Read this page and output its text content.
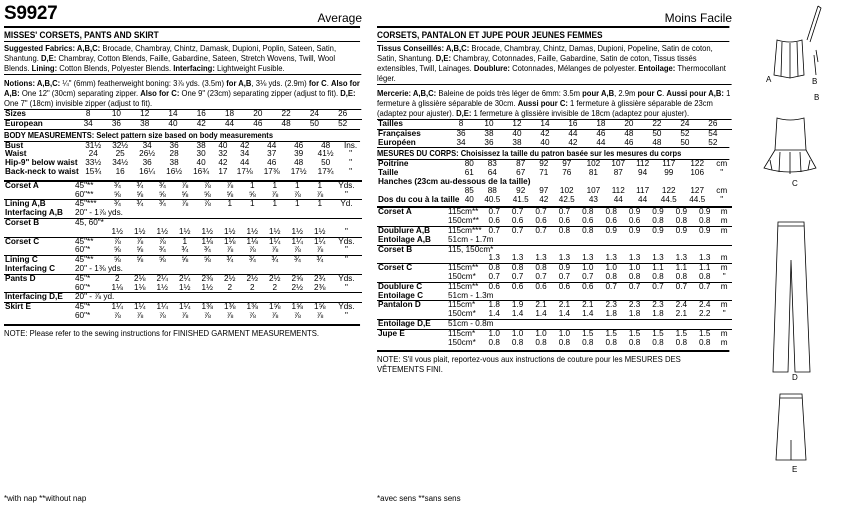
S9927	Average
MISSES' CORSETS, PANTS AND SKIRT
Suggested Fabrics: A,B,C: Brocade, Chambray, Chintz, Damask, Dupioni, Poplin, Sateen, Satin, Shantung. D,E: Chambray, Cotton Blends, Faille, Gabardine, Sateen, Stretch Wovens, Twill, Wool Blends. Lining: Cotton Blends, Polyester Blends. Interfacing: Lightweight Fusible.
Notions: A,B,C: ¼" (6mm) featherweight boning: 3⅞ yds. (3.5m) for A,B, 3⅛ yds. (2.9m) for C. Also for A,B: One 12" (30cm) separating zipper. Also for C: One 9" (23cm) separating zipper (adjust to fit). D,E: One 7" (18cm) invisible zipper (adjust to fit).
Sizes	8	10	12	14	16	18	20	22	24	26	
European	34	36	38	40	42	44	46	48	50	52	
BODY MEASUREMENTS: Select pattern size based on body measurements
Bust	31½	32½	34	36	38	40	42	44	46	48	Ins.
Waist	24	25	26½	28	30	32	34	37	39	41½	"
Hip-9" below waist	33½	34½	36	38	40	42	44	46	48	50	"
Back-neck to waist	15¾	16	16¼	16½	16¾	17	17⅛	17⅜	17½	17¾	"
Corset A	45"**	¾	¾	¾	⅞	⅞	⅞	1	1	1	1	Yds.
	60"**	⅝	⅝	⅝	⅝	⅝	⅝	⅝	⅞	⅞	⅞	"
Lining A,B	45"***	¾	¾	¾	⅞	⅞	1	1	1	1	1	Yd.
Interfacing A,B	20" - 1⅞ yds.											
Corset B	45, 60"*											
		1½	1½	1½	1½	1½	1½	1½	1½	1½	1½	"
Corset C	45"**	⅞	⅞	⅞	1	1⅛	1⅛	1⅛	1¼	1¼	1¼	Yds.
	60"*	⅝	⅝	¾	¾	¾	⅞	⅞	⅞	⅞	⅞	"
Lining C	45"**	⅝	⅝	⅝	⅝	⅝	¾	¾	¾	¾	¾	"
Interfacing C	20" - 1⅜ yds.											
Pants D	45"*	2	2⅛	2¼	2¼	2⅜	2½	2½	2½	2⅝	2¾	Yds.
	60"*	1⅛	1⅛	1½	1½	1½	2	2	2	2½	2⅜	"
Interfacing D,E	20" - ⅞ yd.											
Skirt E	45"*	1¼	1¼	1¼	1¼	1⅜	1⅜	1⅜	1⅝	1⅝	1⅝	Yds.
	60"*	⅞	⅞	⅞	⅞	⅞	⅞	⅞	⅞	⅞	⅞	"
NOTE: Please refer to the sewing instructions for FINISHED GARMENT MEASUREMENTS.
Moins Facile
CORSETS, PANTALON ET JUPE POUR JEUNES FEMMES
Tissus Conseillés: A,B,C: Brocade, Chambray, Chintz, Damas, Dupioni, Popeline, Satin de coton, Satin, Shantung. D,E: Chambray, Cotonnades, Faille, Gabardine, Satin de coton, Tissus tissés extensibles, Twill, Lainages. Doublure: Cotonnades, Mélanges de polyester. Entoilage: Thermocollant léger.
Mercerie: A,B,C: Baleine de poids très léger de 6mm: 3.5m pour A,B, 2.9m pour C. Aussi pour A,B: 1 fermeture à glissière séparable de 30cm. Aussi pour C: 1 fermeture à glissière séparable de 23cm (adaptez pour ajuster). D,E: 1 fermeture à glissière invisible de 18cm (adaptez pour ajuster).
Tailles	8	10	12	14	16	18	20	22	24	26	
Françaises	36	38	40	42	44	46	48	50	52	54	
Européen	34	36	38	40	42	44	46	48	50	52	
MESURES DU CORPS: Choisissez la taille du patron basée sur les mesures du corps
Poitrine	80	83	87	92	97	102	107	112	117	122	cm
Taille	61	64	67	71	76	81	87	94	99	106	"
Hanches (23cm au-dessous de la taille)											
	85	88	92	97	102	107	112	117	122	127	cm
Dos du cou à la taille	40	40.5	41.5	42	42.5	43	44	44	44.5	44.5	"
Corset A	115cm**	0.7	0.7	0.7	0.7	0.8	0.8	0.9	0.9	0.9	0.9	m
	150cm**	0.6	0.6	0.6	0.6	0.6	0.6	0.6	0.8	0.8	0.8	m
Doublure A,B	115cm***	0.7	0.7	0.7	0.8	0.8	0.9	0.9	0.9	0.9	0.9	m
Entoilage A,B	51cm - 1.7m											
Corset B	115, 150cm*											
		1.3	1.3	1.3	1.3	1.3	1.3	1.3	1.3	1.3	1.3	m
Corset C	115cm**	0.8	0.8	0.8	0.9	1.0	1.0	1.0	1.1	1.1	1.1	m
	150cm*	0.7	0.7	0.7	0.7	0.7	0.8	0.8	0.8	0.8	0.8	"
Doublure C	115cm**	0.6	0.6	0.6	0.6	0.6	0.7	0.7	0.7	0.7	0.7	m
Entoilage C	51cm - 1.3m											
Pantalon D	115cm*	1.8	1.9	2.1	2.1	2.1	2.3	2.3	2.3	2.4	2.4	m
	150cm*	1.4	1.4	1.4	1.4	1.4	1.8	1.8	1.8	2.1	2.2	"
Entoilage D,E	51cm - 0.8m											
Jupe E	115cm*	1.0	1.0	1.0	1.0	1.5	1.5	1.5	1.5	1.5	1.5	m
	150cm*	0.8	0.8	0.8	0.8	0.8	0.8	0.8	0.8	0.8	0.8	m
NOTE: S'il vous plait, reportez-vous aux instructions de couture pour les MESURES DES VÊTEMENTS FINI.
*with nap **without nap	*avec sens **sans sens
A	B
B
C
D
E
